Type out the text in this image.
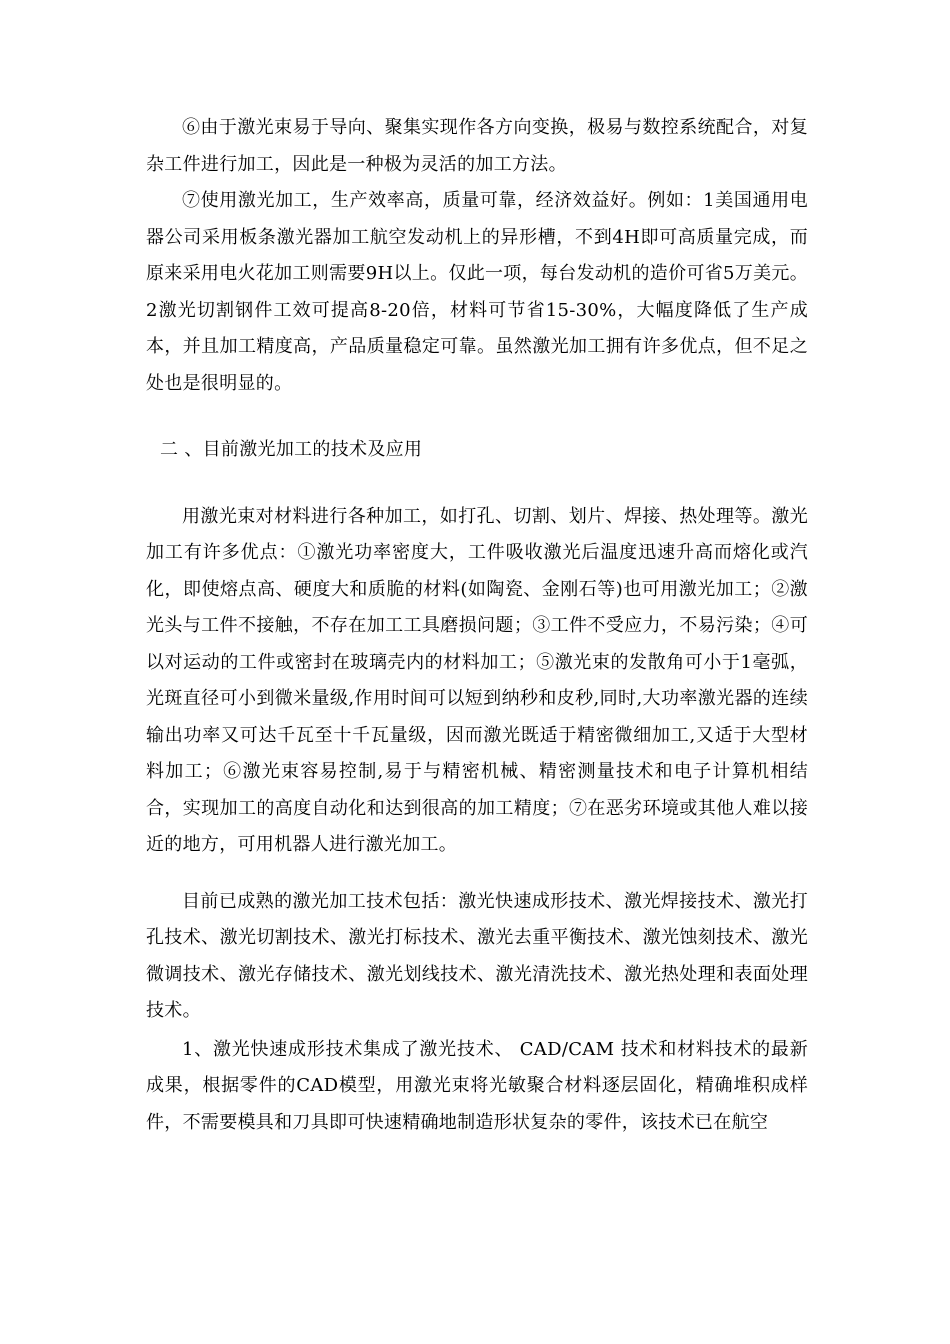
⑥由于激光束易于导向、聚集实现作各方向变换，极易与数控系统配合，对复杂工件进行加工，因此是一种极为灵活的加工方法。

⑦使用激光加工，生产效率高，质量可靠，经济效益好。例如：1美国通用电器公司采用板条激光器加工航空发动机上的异形槽，不到4H即可高质量完成，而原来采用电火花加工则需要9H以上。仅此一项，每台发动机的造价可省5万美元。2激光切割钢件工效可提高8-20倍，材料可节省15-30%，大幅度降低了生产成本，并且加工精度高，产品质量稳定可靠。虽然激光加工拥有许多优点，但不足之处也是很明显的。

二 、目前激光加工的技术及应用

用激光束对材料进行各种加工，如打孔、切割、划片、焊接、热处理等。激光加工有许多优点：①激光功率密度大，工件吸收激光后温度迅速升高而熔化或汽化，即使熔点高、硬度大和质脆的材料(如陶瓷、金刚石等)也可用激光加工；②激光头与工件不接触，不存在加工工具磨损问题；③工件不受应力，不易污染；④可以对运动的工件或密封在玻璃壳内的材料加工；⑤激光束的发散角可小于1毫弧，光斑直径可小到微米量级,作用时间可以短到纳秒和皮秒,同时,大功率激光器的连续输出功率又可达千瓦至十千瓦量级，因而激光既适于精密微细加工,又适于大型材料加工；⑥激光束容易控制,易于与精密机械、精密测量技术和电子计算机相结合，实现加工的高度自动化和达到很高的加工精度；⑦在恶劣环境或其他人难以接近的地方，可用机器人进行激光加工。

目前已成熟的激光加工技术包括：激光快速成形技术、激光焊接技术、激光打孔技术、激光切割技术、激光打标技术、激光去重平衡技术、激光蚀刻技术、激光微调技术、激光存储技术、激光划线技术、激光清洗技术、激光热处理和表面处理技术。

1、激光快速成形技术集成了激光技术、 CAD/CAM 技术和材料技术的最新成果，根据零件的CAD模型，用激光束将光敏聚合材料逐层固化，精确堆积成样件，不需要模具和刀具即可快速精确地制造形状复杂的零件，该技术已在航空
